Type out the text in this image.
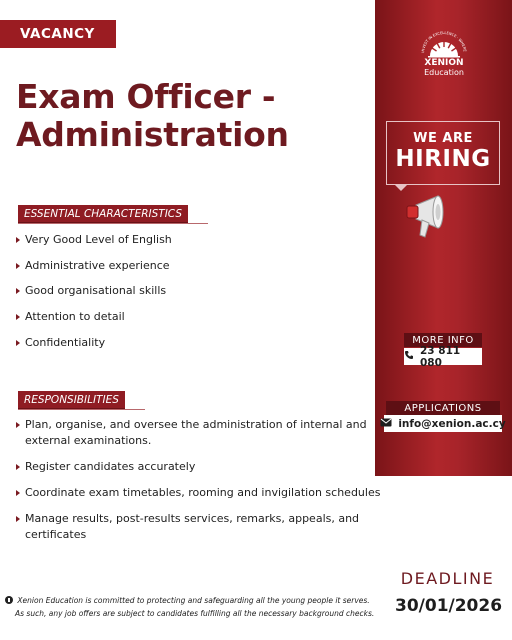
VACANCY
Exam Officer -
Administration
ESSENTIAL CHARACTERISTICS
Very Good Level of English
Administrative experience
Good organisational skills
Attention to detail
Confidentiality
RESPONSIBILITIES
Plan, organise, and oversee the administration of internal and external examinations.
Register candidates accurately
Coordinate exam timetables, rooming and invigilation schedules
Manage results, post-results services, remarks, appeals, and certificates
INVEST IN EXCELLENCE · WHERE
XENION
Education
WE ARE
HIRING
MORE INFO
23 811 080
APPLICATIONS
info@xenion.ac.cy
DEADLINE
30/01/2026
Xenion Education is committed to protecting and safeguarding all the young people it serves.
As such, any job offers are subject to candidates fulfilling all the necessary background checks.
